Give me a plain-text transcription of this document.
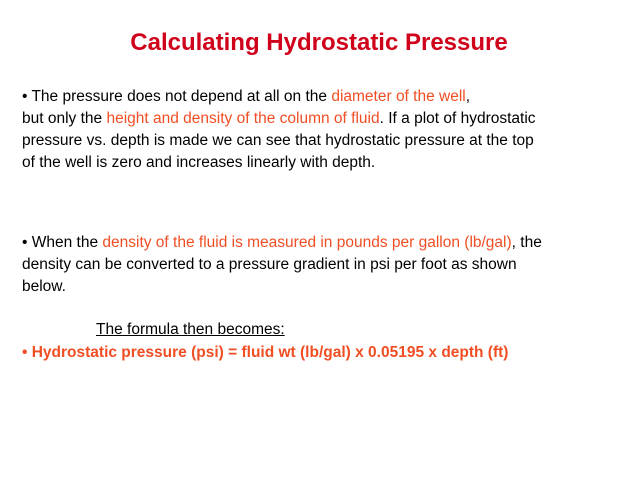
Calculating Hydrostatic Pressure
• The pressure does not depend at all on the diameter of the well,
but only the height and density of the column of fluid. If a plot of hydrostatic
pressure vs. depth is made we can see that hydrostatic pressure at the top
of the well is zero and increases linearly with depth.
• When the density of the fluid is measured in pounds per gallon (lb/gal), the
density can be converted to a pressure gradient in psi per foot as shown
below.
The formula then becomes:
• Hydrostatic pressure (psi) = fluid wt (lb/gal) x 0.05195 x depth (ft)
